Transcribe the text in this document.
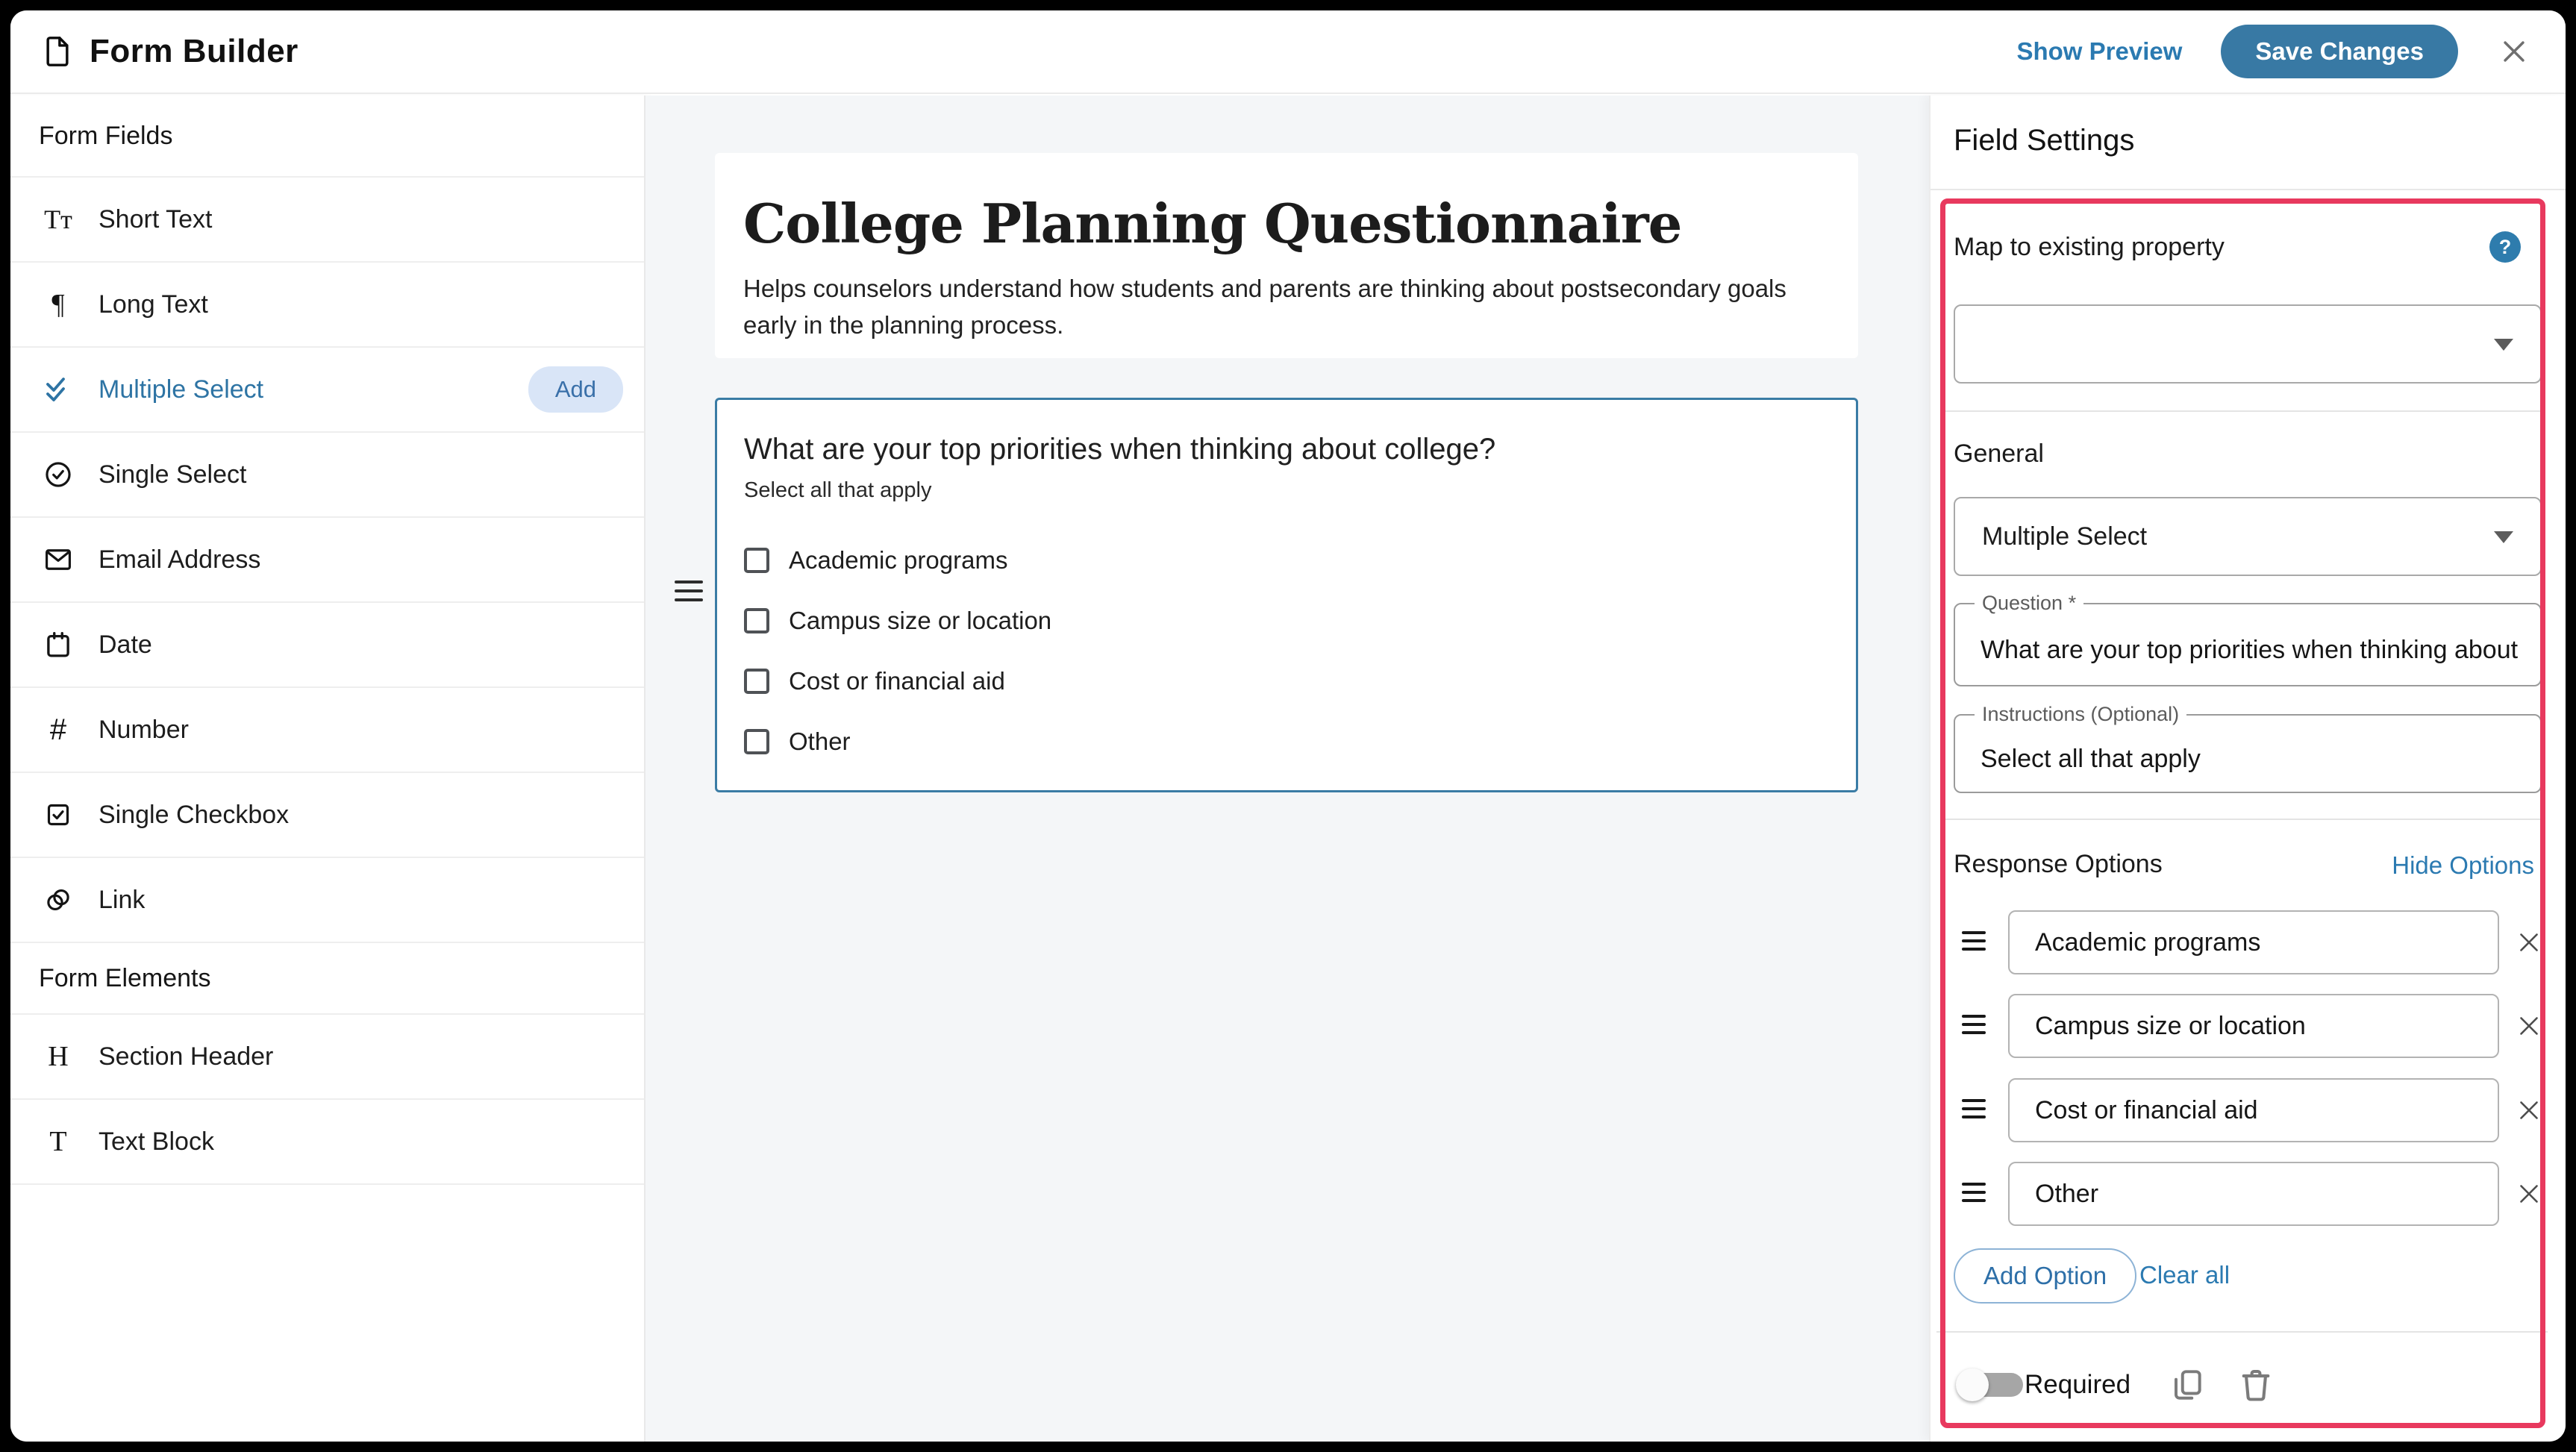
Form Builder	Show Preview	Save Changes
Form Fields
Tᴛ Short Text
¶	Long Text
Multiple Select	Add
Single Select
Email Address
Date
#	Number
Single Checkbox
Link
Form Elements
H	Section Header
T	Text Block
College Planning Questionnaire
Helps counselors understand how students and parents are thinking about postsecondary goals early in the planning process.
What are your top priorities when thinking about college?
Select all that apply
Academic programs
Campus size or location
Cost or financial aid
Other
Field Settings
Map to existing property	?
General
Multiple Select
Question *
What are your top priorities when thinking about col
Instructions (Optional)
Select all that apply
Response Options	Hide Options
Academic programs
Campus size or location
Cost or financial aid
Other
Add Option	Clear all
Required
